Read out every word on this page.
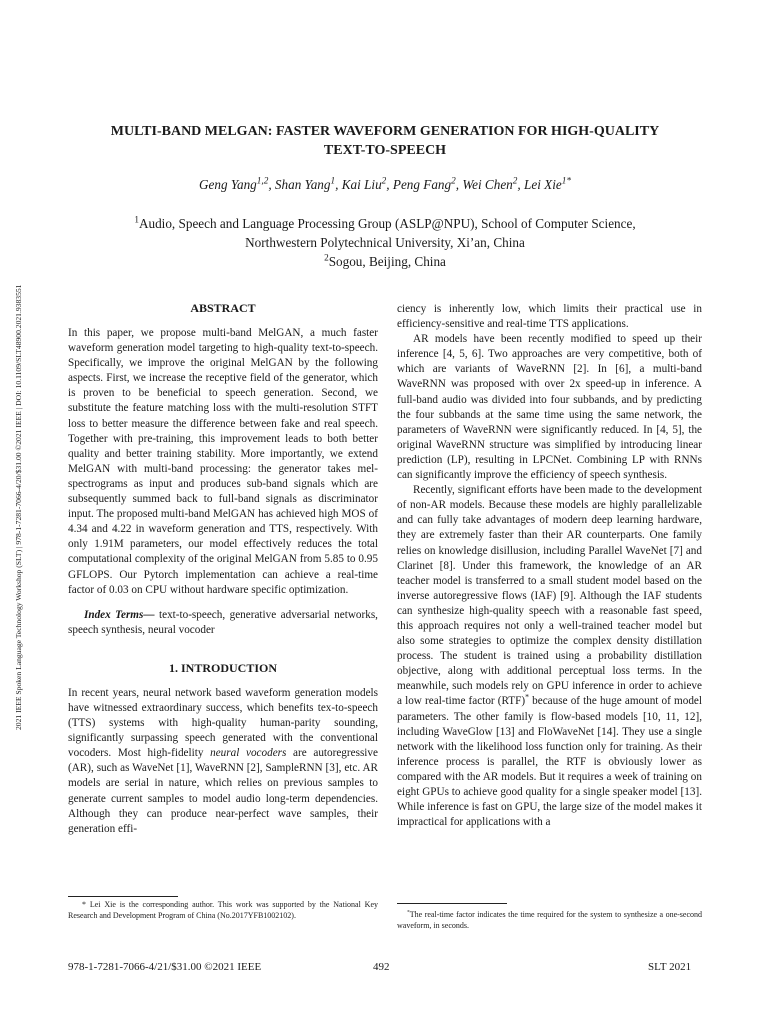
2021 IEEE Spoken Language Technology Workshop (SLT) | 978-1-7281-7066-4/20/$31.00 ©2021 IEEE | DOI: 10.1109/SLT48900.2021.9383551
MULTI-BAND MELGAN: FASTER WAVEFORM GENERATION FOR HIGH-QUALITY
TEXT-TO-SPEECH
Geng Yang$^{1,2}$, Shan Yang$^1$, Kai Liu$^2$, Peng Fang$^2$, Wei Chen$^2$, Lei Xie$^{1*}$
$^1$Audio, Speech and Language Processing Group (ASLP@NPU), School of Computer Science,
Northwestern Polytechnical University, Xi’an, China
$^2$Sogou, Beijing, China
ABSTRACT

In this paper, we propose multi-band MelGAN, a much faster waveform generation model targeting to high-quality text-to-speech. Specifically, we improve the original MelGAN by the following aspects. First, we increase the receptive field of the generator, which is proven to be beneficial to speech generation. Second, we substitute the feature matching loss with the multi-resolution STFT loss to better measure the difference between fake and real speech. Together with pre-training, this improvement leads to both better quality and better training stability. More importantly, we extend MelGAN with multi-band processing: the generator takes mel-spectrograms as input and produces sub-band signals which are subsequently summed back to full-band signals as discriminator input. The proposed multi-band MelGAN has achieved high MOS of 4.34 and 4.22 in waveform generation and TTS, respectively. With only 1.91M parameters, our model effectively reduces the total computational complexity of the original MelGAN from 5.85 to 0.95 GFLOPS. Our Pytorch implementation can achieve a real-time factor of 0.03 on CPU without hardware specific optimization.

Index Terms— text-to-speech, generative adversarial networks, speech synthesis, neural vocoder

1. INTRODUCTION

In recent years, neural network based waveform generation models have witnessed extraordinary success, which benefits tex-to-speech (TTS) systems with high-quality human-parity sounding, significantly surpassing speech generated with the conventional vocoders. Most high-fidelity neural vocoders are autoregressive (AR), such as WaveNet [1], WaveRNN [2], SampleRNN [3], etc. AR models are serial in nature, which relies on previous samples to generate current samples to model audio long-term dependencies. Although they can produce near-perfect wave samples, their generation effi-

ciency is inherently low, which limits their practical use in efficiency-sensitive and real-time TTS applications.

AR models have been recently modified to speed up their inference [4, 5, 6]. Two approaches are very competitive, both of which are variants of WaveRNN [2]. In [6], a multi-band WaveRNN was proposed with over 2x speed-up in inference. A full-band audio was divided into four subbands, and by predicting the four subbands at the same time using the same network, the parameters of WaveRNN were significantly reduced. In [4, 5], the original WaveRNN structure was simplified by introducing linear prediction (LP), resulting in LPCNet. Combining LP with RNNs can significantly improve the efficiency of speech synthesis.

Recently, significant efforts have been made to the development of non-AR models. Because these models are highly parallelizable and can fully take advantages of modern deep learning hardware, they are extremely faster than their AR counterparts. One family relies on knowledge disillusion, including Parallel WaveNet [7] and Clarinet [8]. Under this framework, the knowledge of an AR teacher model is transferred to a small student model based on the inverse autoregressive flows (IAF) [9]. Although the IAF students can synthesize high-quality speech with a reasonable fast speed, this approach requires not only a well-trained teacher model but also some strategies to optimize the complex density distillation process. The student is trained using a probability distillation objective, along with additional perceptual loss terms. In the meanwhile, such models rely on GPU inference in order to achieve a low real-time factor (RTF)* because of the huge amount of model parameters. The other family is flow-based models [10, 11, 12], including WaveGlow [13] and FloWaveNet [14]. They use a single network with the likelihood loss function only for training. As their inference process is parallel, the RTF is obviously lower as compared with the AR models. But it requires a week of training on eight GPUs to achieve good quality for a single speaker model [13]. While inference is fast on GPU, the large size of the model makes it impractical for applications with a

* Lei Xie is the corresponding author. This work was supported by the National Key Research and Development Program of China (No.2017YFB1002102).	*The real-time factor indicates the time required for the system to synthesize a one-second waveform, in seconds.
978-1-7281-7066-4/21/$31.00 ©2021 IEEE	492	SLT 2021
